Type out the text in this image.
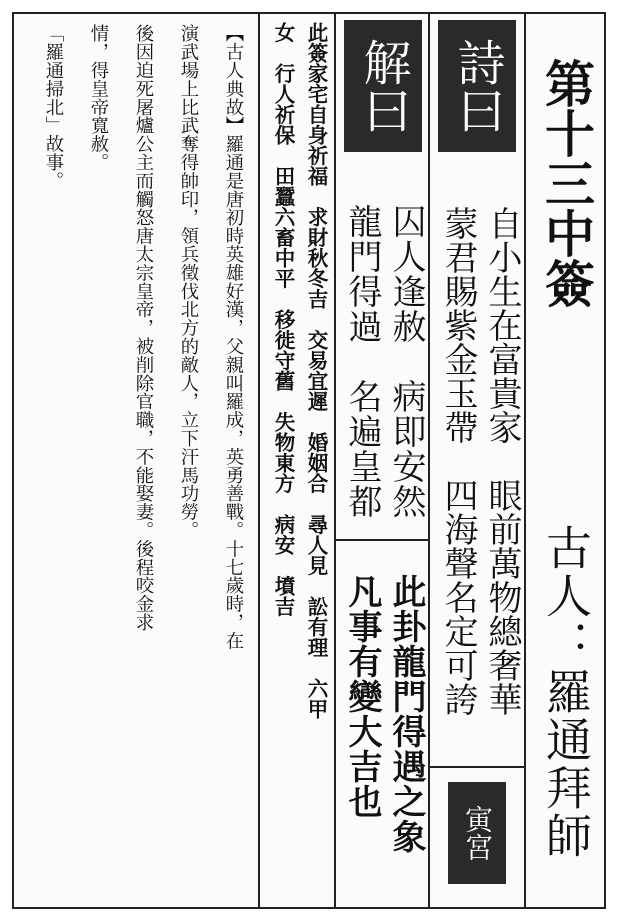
第十三中簽
古人：羅通拜師
詩曰
自小生在富貴家　眼前萬物總奢華
蒙君賜紫金玉帶　四海聲名定可誇
寅宮
解曰
囚人逢赦　病即安然
龍門得過　名遍皇都
此卦龍門得遇之象
凡事有變大吉也
此簽家宅自身祈福　求財秋冬吉　交易宜遲　婚姻合　尋人見　訟有理　六甲
女　行人祈保　田蠶六畜中平　移徙守舊　失物東方　病安　墳吉
【古人典故】羅通是唐初時英雄好漢，父親叫羅成，英勇善戰。十七歲時，在
演武場上比武奪得帥印，領兵徵伐北方的敵人，立下汗馬功勞。
後因迫死屠爐公主而觸怒唐太宗皇帝，被削除官職，不能娶妻。後程咬金求
情，得皇帝寬赦。
「羅通掃北」故事。
